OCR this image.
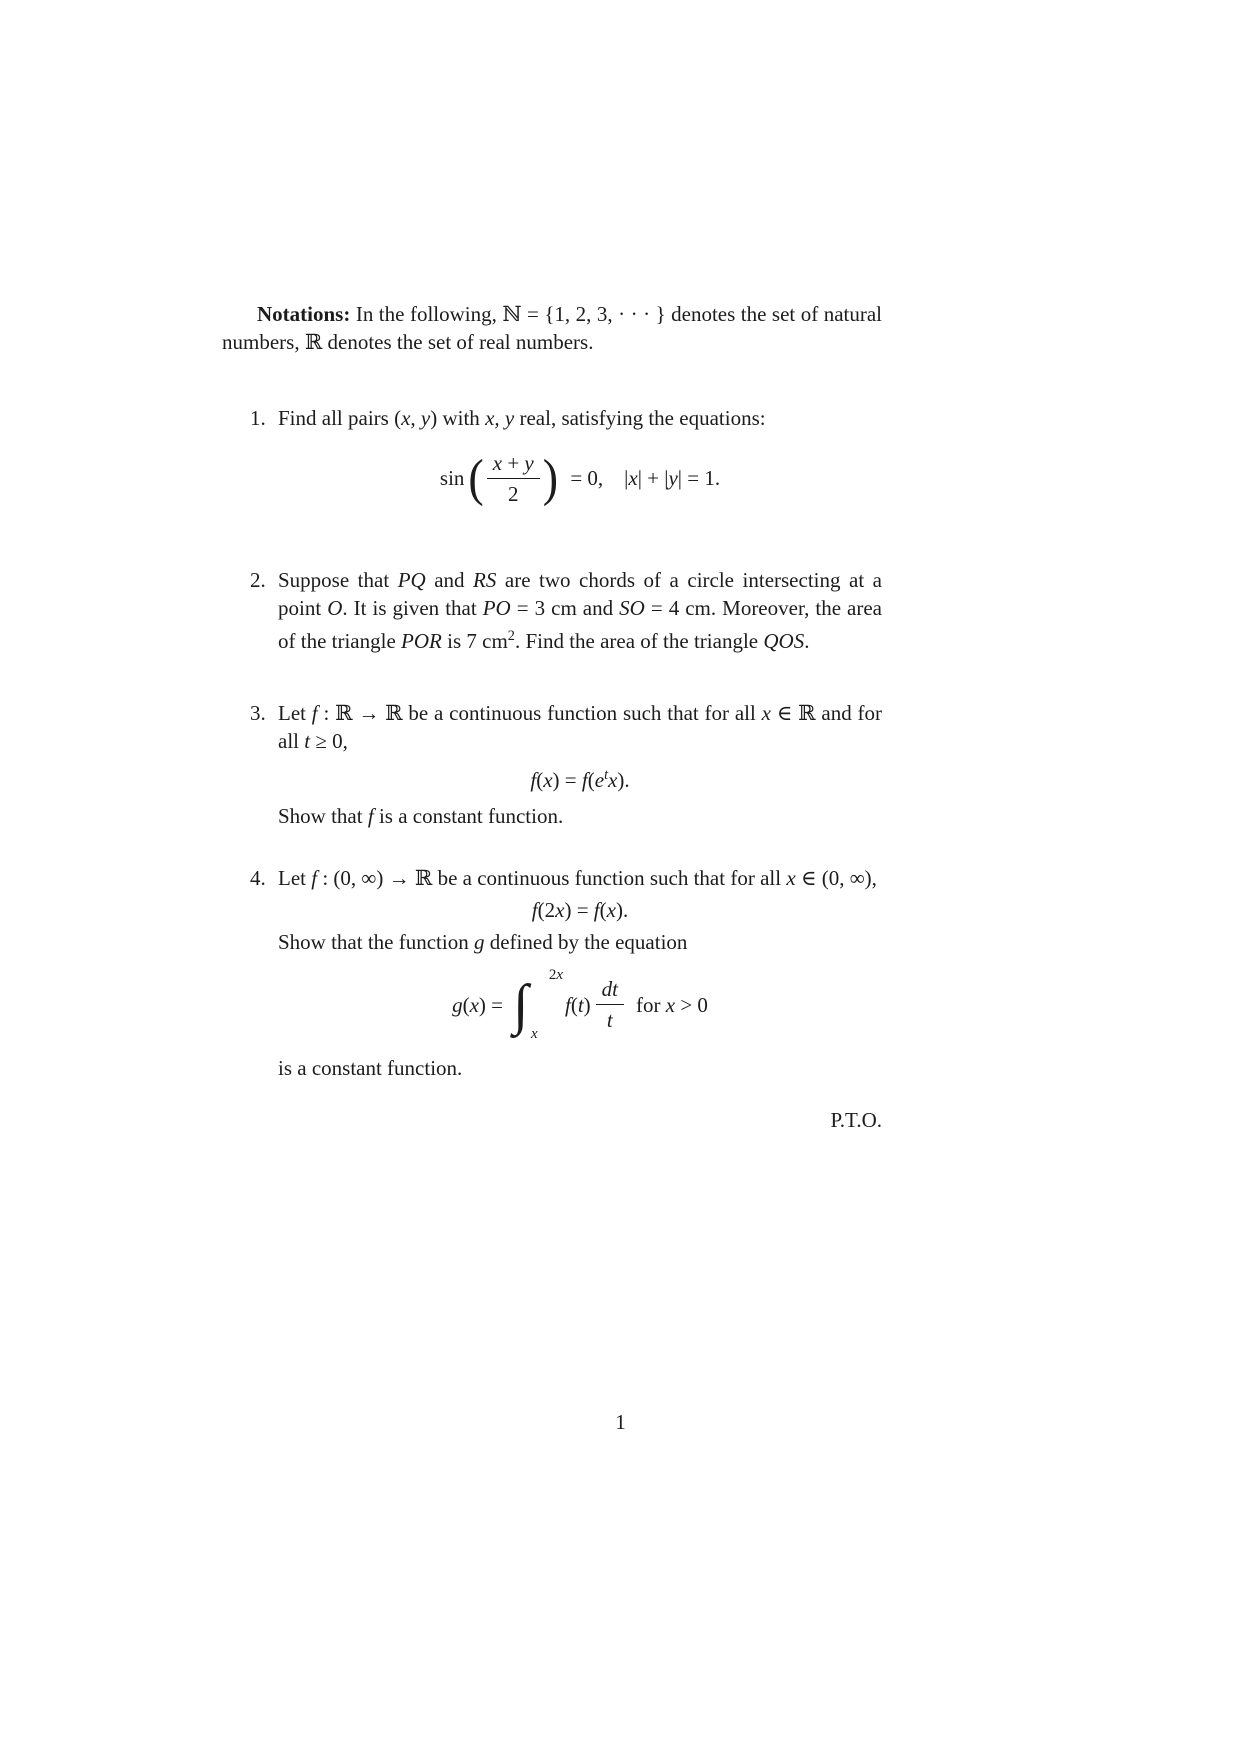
Notations: In the following, ℕ = {1, 2, 3, · · · } denotes the set of natural numbers, ℝ denotes the set of real numbers.

1. Find all pairs (x, y) with x, y real, satisfying the equations:

sin ( $\frac{x + y}{2}$ ) = 0,  |x| + |y| = 1.
2. Suppose that PQ and RS are two chords of a circle intersecting at a point O. It is given that PO = 3 cm and SO = 4 cm. Moreover, the area of the triangle POR is 7 $cm^2$. Find the area of the triangle QOS.

3. Let f : ℝ → ℝ be a continuous function such that for all x ∈ ℝ and for all t ≥ 0,

$f(x) = f(e^tx)$.

Show that f is a constant function.

4. Let f : (0, ∞) → ℝ be a continuous function such that for all x ∈ (0, ∞),

f(2x) = f(x).

Show that the function g defined by the equation

g(x) = ∫ 2x
x
$f(t) \frac{dt}{t}$ for x > 0

is a constant function.

P.T.O.

1
